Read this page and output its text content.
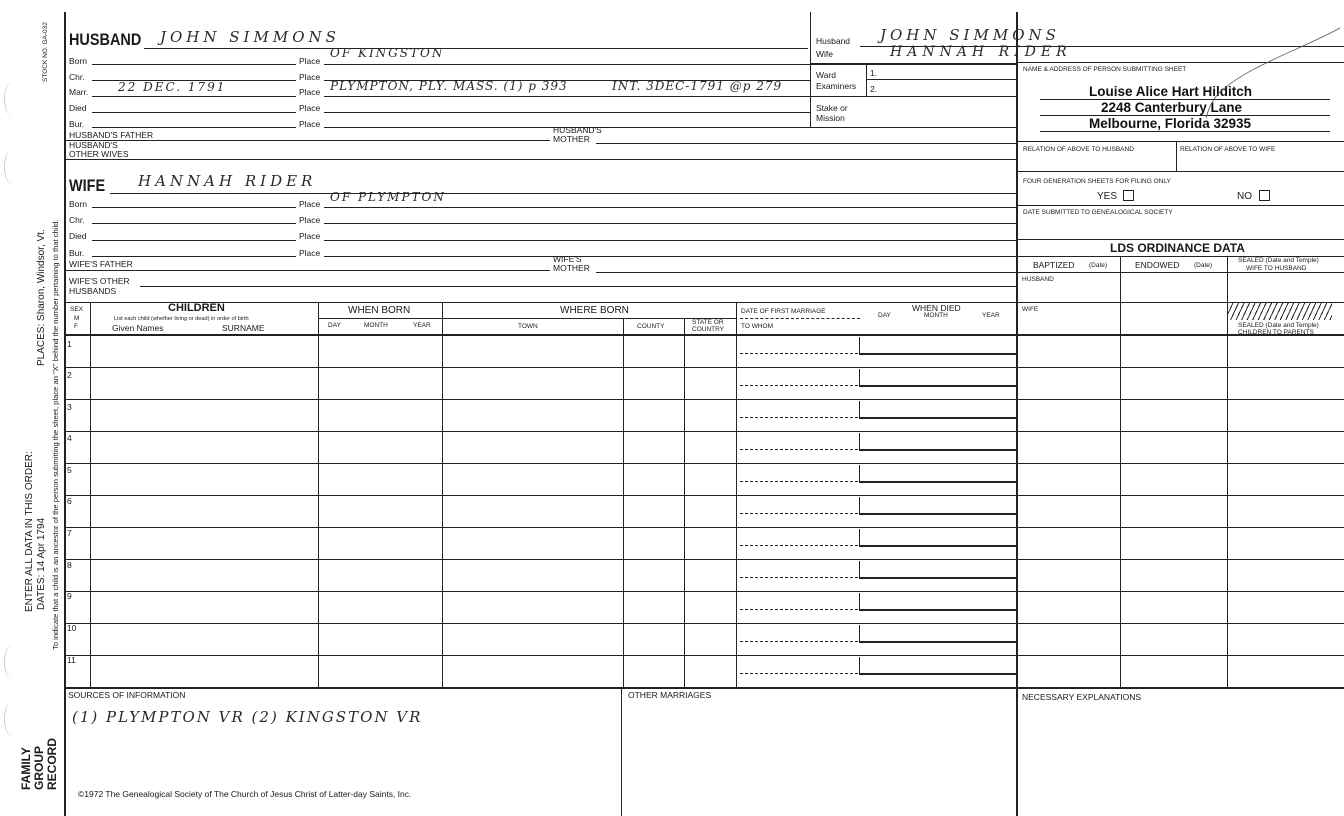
STOCK NO. GA-032
PLACES: Sharon, Windsor, Vt.
ENTER ALL DATA IN THIS ORDER: DATES: 14 Apr 1794 To indicate that a child is an ancestor of the person submitting the sheet, place an "X" behind the number pertaining to that child.
FAMILY GROUP RECORD
HUSBAND JOHN SIMMONS
Born	Place
OF KINGSTON
Chr.	Place
Marr. 22 DEC. 1791	Place PLYMPTON, PLY. MASS. (1) p 393	INT. 3DEC-1791 @p 279
Died	Place
Bur.	Place
HUSBAND'S FATHER	HUSBAND'S
MOTHER
HUSBAND'S
OTHER WIVES
WIFE HANNAH RIDER
Born	Place OF PLYMPTON
Chr.	Place
Died	Place
Bur.	Place
WIFE'S FATHER	WIFE'S
MOTHER
WIFE'S OTHER
HUSBANDS
Husband JOHN SIMMONS
Wife	HANNAH RIDER
Ward
Examiners
1.
2.
Stake or
Mission
NAME & ADDRESS OF PERSON SUBMITTING SHEET
Louise Alice Hart Hilditch
2248 Canterbury Lane
Melbourne, Florida 32935
RELATION OF ABOVE TO HUSBAND	RELATION OF ABOVE TO WIFE
FOUR GENERATION SHEETS FOR FILING ONLY
YES	NO
DATE SUBMITTED TO GENEALOGICAL SOCIETY
LDS ORDINANCE DATA
BAPTIZED (Date)	ENDOWED (Date)
SEALED (Date and Temple)
WIFE TO HUSBAND
HUSBAND
WIFE
SEALED (Date and Temple)
CHILDREN TO PARENTS
SEX
M
F
CHILDREN
List each child (whether living or dead) in order of birth
Given Names	SURNAME
WHEN BORN
DAY	MONTH	YEAR
WHERE BORN
TOWN	COUNTY
STATE OR
COUNTRY
DATE OF FIRST MARRIAGE
TO WHOM
WHEN DIED
DAY	MONTH	YEAR
1
2
3
4
5
6
7
8
9
10
11
SOURCES OF INFORMATION
(1) PLYMPTON VR (2) KINGSTON VR
OTHER MARRIAGES	NECESSARY EXPLANATIONS
©1972 The Genealogical Society of The Church of Jesus Christ of Latter-day Saints, Inc.
